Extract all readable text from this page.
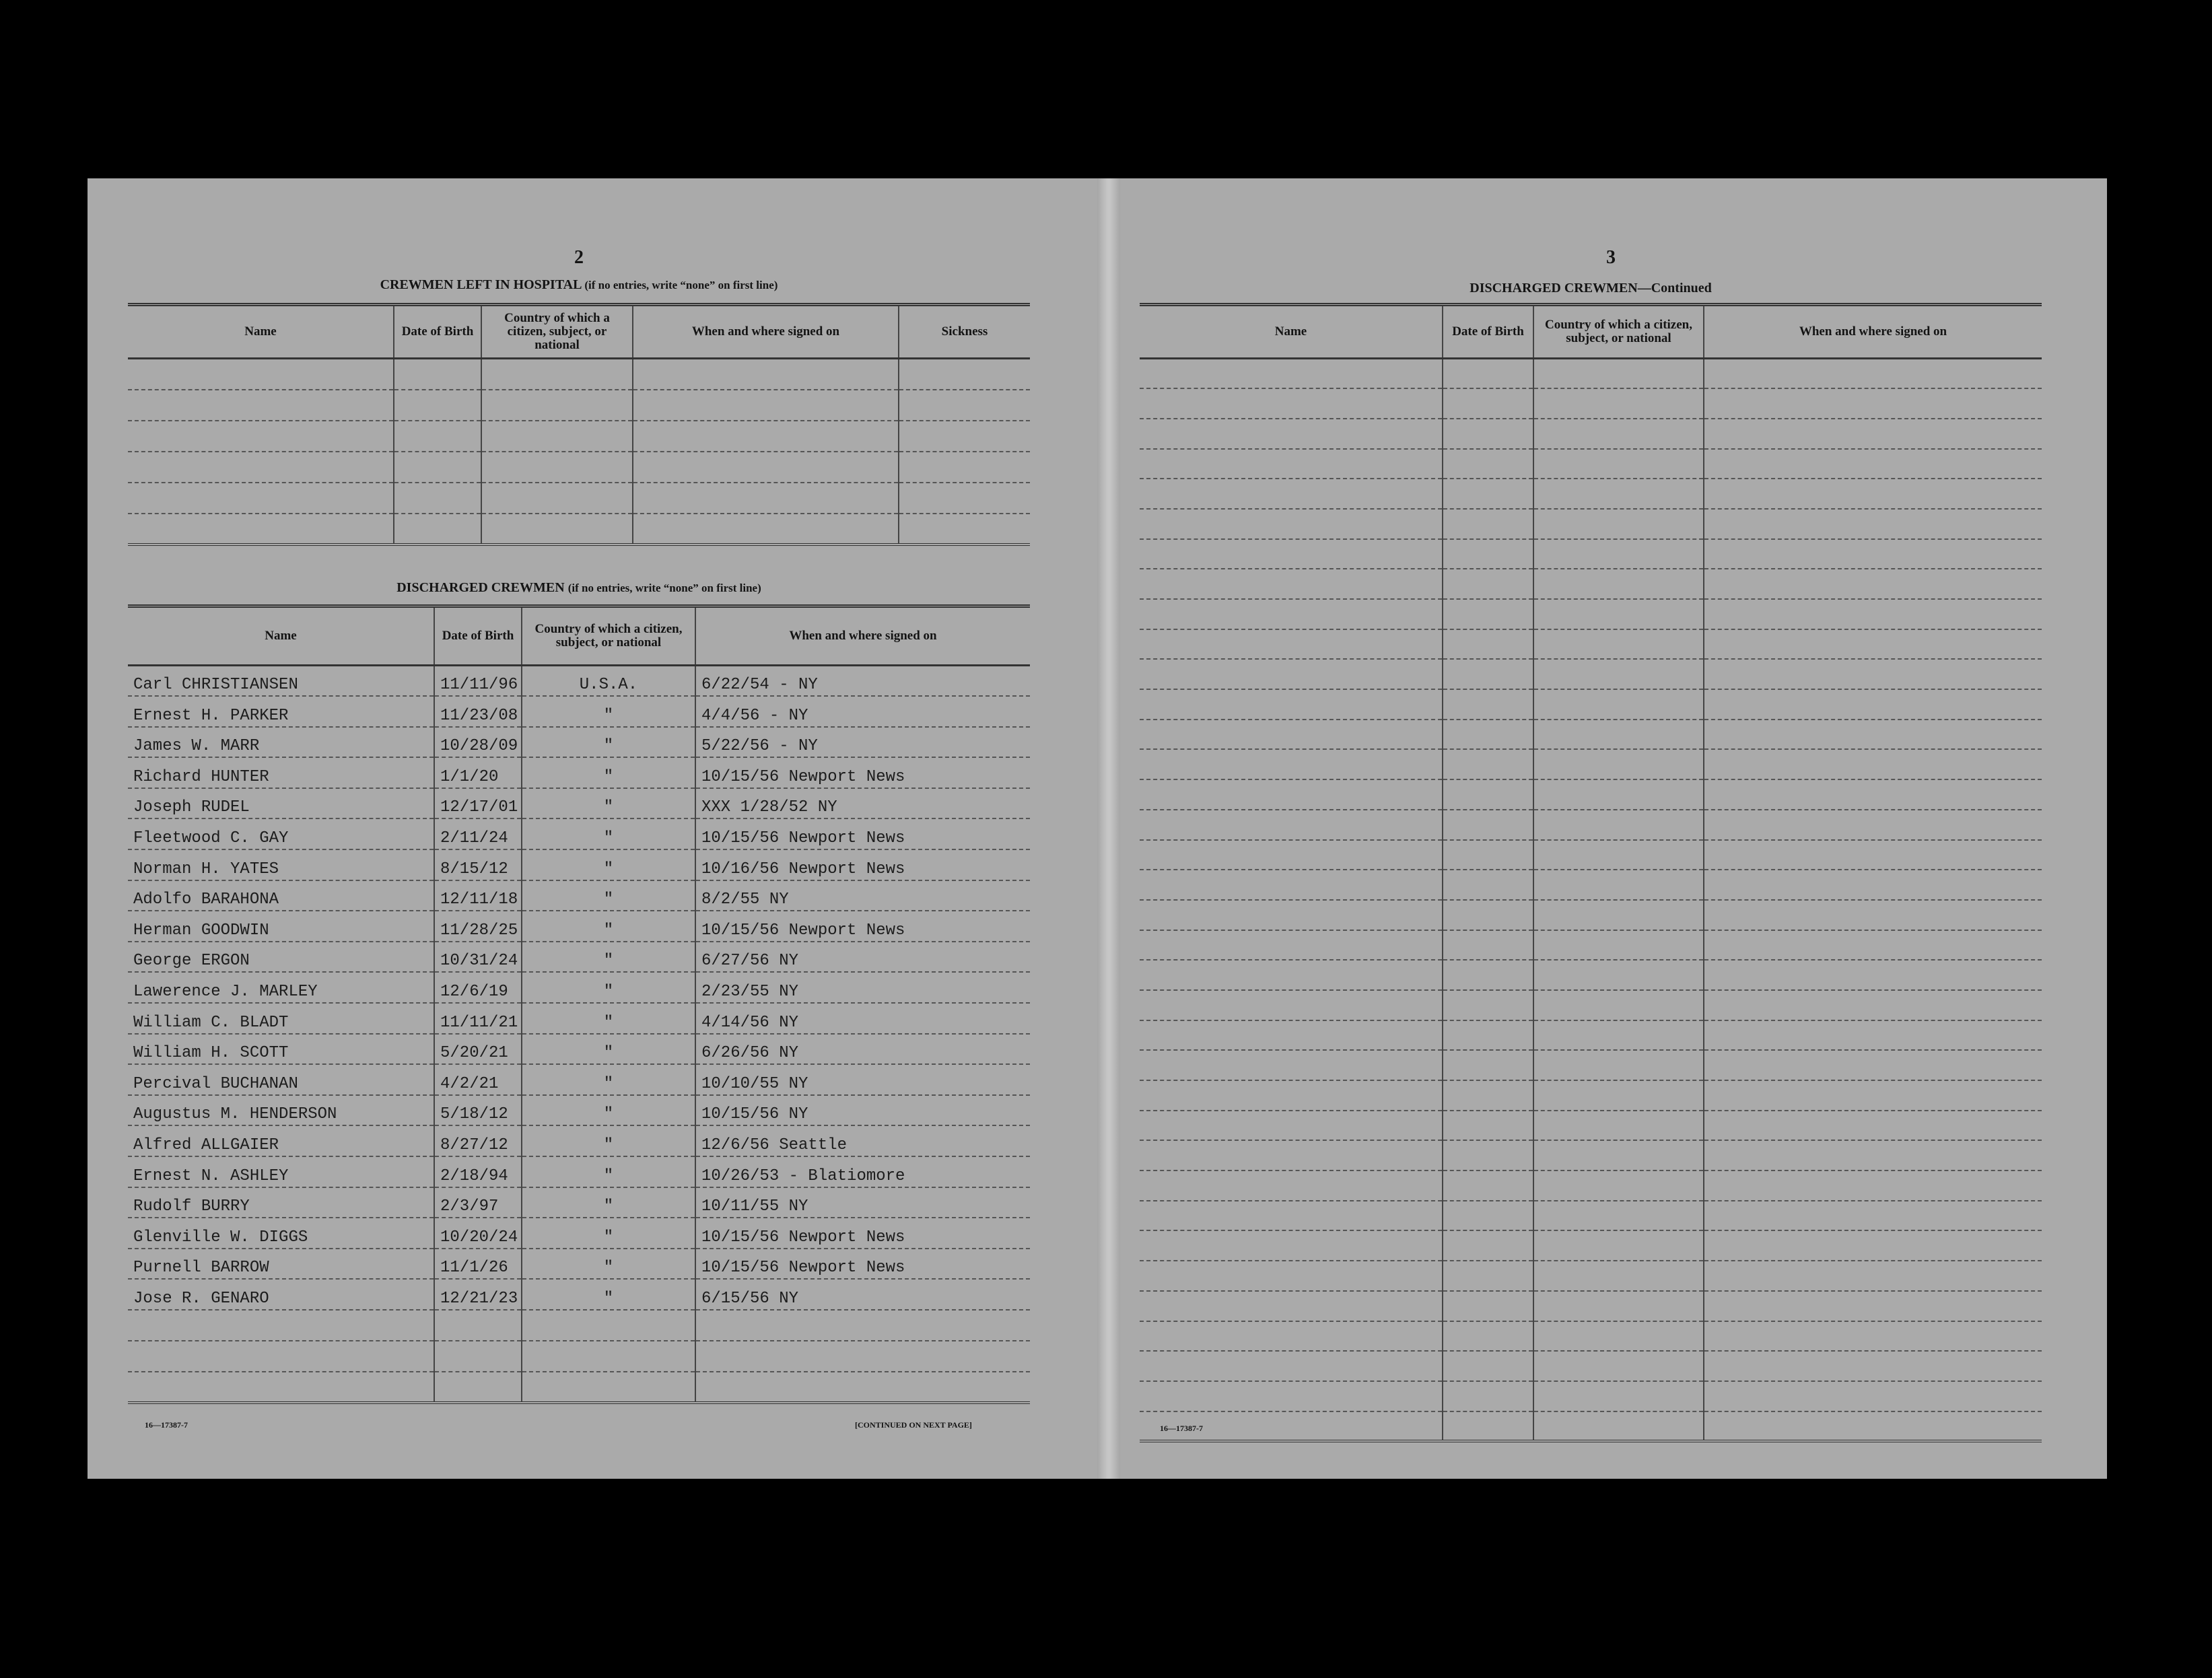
2
CREWMEN LEFT IN HOSPITAL (if no entries, write “none” on first line)
Name	Date of Birth	Country of which a citizen, subject, or national	When and where signed on	Sickness

DISCHARGED CREWMEN (if no entries, write “none” on first line)
Name	Date of Birth	Country of which a citizen, subject, or national	When and where signed on
Carl CHRISTIANSEN	11/11/96	U.S.A.	6/22/54 - NY
Ernest H. PARKER	11/23/08	"	4/4/56 - NY
James W. MARR	10/28/09	"	5/22/56 - NY
Richard HUNTER	1/1/20	"	10/15/56 Newport News
Joseph RUDEL	12/17/01	"	XXX 1/28/52 NY
Fleetwood C. GAY	2/11/24	"	10/15/56 Newport News
Norman H. YATES	8/15/12	"	10/16/56 Newport News
Adolfo BARAHONA	12/11/18	"	8/2/55 NY
Herman GOODWIN	11/28/25	"	10/15/56 Newport News
George ERGON	10/31/24	"	6/27/56 NY
Lawerence J. MARLEY	12/6/19	"	2/23/55 NY
William C. BLADT	11/11/21	"	4/14/56 NY
William H. SCOTT	5/20/21	"	6/26/56 NY
Percival BUCHANAN	4/2/21	"	10/10/55 NY
Augustus M. HENDERSON	5/18/12	"	10/15/56 NY
Alfred ALLGAIER	8/27/12	"	12/6/56 Seattle
Ernest N. ASHLEY	2/18/94	"	10/26/53 - Blatiomore
Rudolf BURRY	2/3/97	"	10/11/55 NY
Glenville W. DIGGS	10/20/24	"	10/15/56 Newport News
Purnell BARROW	11/1/26	"	10/15/56 Newport News
Jose R. GENARO	12/21/23	"	6/15/56 NY

16—17387-7	[CONTINUED ON NEXT PAGE]
3
DISCHARGED CREWMEN—Continued
Name	Date of Birth	Country of which a citizen, subject, or national	When and where signed on

16—17387-7
